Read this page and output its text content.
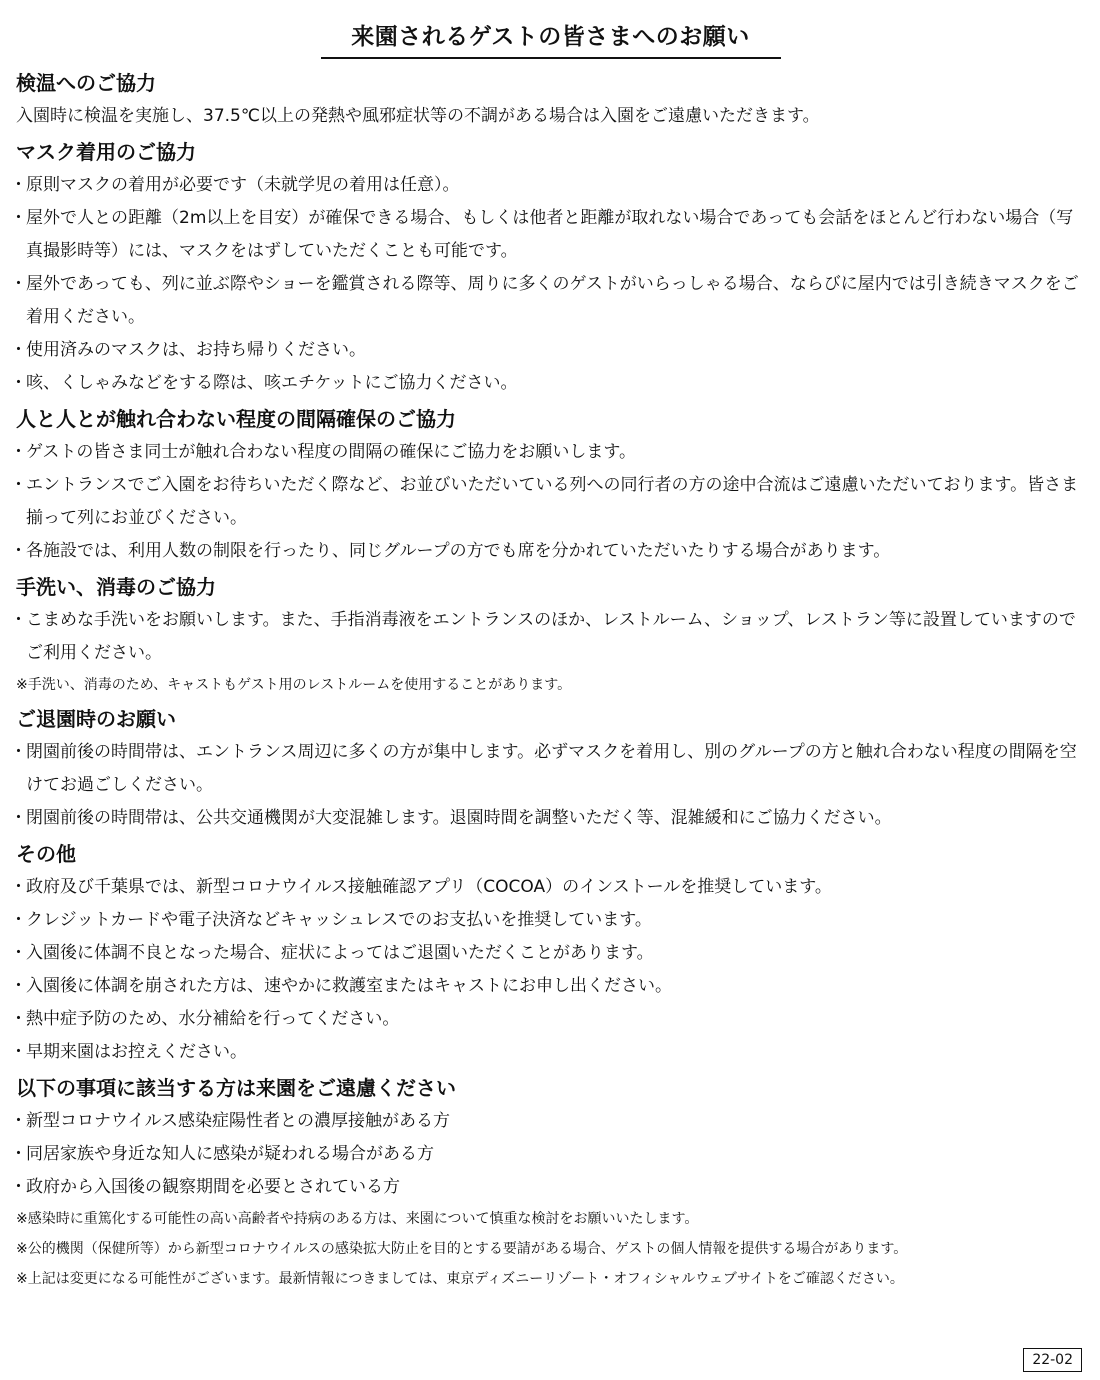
来園されるゲストの皆さまへのお願い
検温へのご協力
入園時に検温を実施し、37.5℃以上の発熱や風邪症状等の不調がある場合は入園をご遠慮いただきます。
マスク着用のご協力
・ 原則マスクの着用が必要です（未就学児の着用は任意）。
・ 屋外で人との距離（2m以上を目安）が確保できる場合、もしくは他者と距離が取れない場合であっても会話をほとんど行わない場合（写真撮影時等）には、マスクをはずしていただくことも可能です。
・ 屋外であっても、列に並ぶ際やショーを鑑賞される際等、周りに多くのゲストがいらっしゃる場合、ならびに屋内では引き続きマスクをご着用ください。
・ 使用済みのマスクは、お持ち帰りください。
・ 咳、くしゃみなどをする際は、咳エチケットにご協力ください。
人と人とが触れ合わない程度の間隔確保のご協力
・ ゲストの皆さま同士が触れ合わない程度の間隔の確保にご協力をお願いします。
・ エントランスでご入園をお待ちいただく際など、お並びいただいている列への同行者の方の途中合流はご遠慮いただいております。皆さま揃って列にお並びください。
・ 各施設では、利用人数の制限を行ったり、同じグループの方でも席を分かれていただいたりする場合があります。
手洗い、消毒のご協力
・ こまめな手洗いをお願いします。また、手指消毒液をエントランスのほか、レストルーム、ショップ、レストラン等に設置していますのでご利用ください。
※手洗い、消毒のため、キャストもゲスト用のレストルームを使用することがあります。
ご退園時のお願い
・ 閉園前後の時間帯は、エントランス周辺に多くの方が集中します。必ずマスクを着用し、別のグループの方と触れ合わない程度の間隔を空けてお過ごしください。
・ 閉園前後の時間帯は、公共交通機関が大変混雑します。退園時間を調整いただく等、混雑緩和にご協力ください。
その他
・ 政府及び千葉県では、新型コロナウイルス接触確認アプリ（COCOA）のインストールを推奨しています。
・ クレジットカードや電子決済などキャッシュレスでのお支払いを推奨しています。
・ 入園後に体調不良となった場合、症状によってはご退園いただくことがあります。
・ 入園後に体調を崩された方は、速やかに救護室またはキャストにお申し出ください。
・ 熱中症予防のため、水分補給を行ってください。
・ 早期来園はお控えください。
以下の事項に該当する方は来園をご遠慮ください
・ 新型コロナウイルス感染症陽性者との濃厚接触がある方
・ 同居家族や身近な知人に感染が疑われる場合がある方
・ 政府から入国後の観察期間を必要とされている方
※感染時に重篤化する可能性の高い高齢者や持病のある方は、来園について慎重な検討をお願いいたします。
※公的機関（保健所等）から新型コロナウイルスの感染拡大防止を目的とする要請がある場合、ゲストの個人情報を提供する場合があります。
※上記は変更になる可能性がございます。最新情報につきましては、東京ディズニーリゾート・オフィシャルウェブサイトをご確認ください。
22-02
